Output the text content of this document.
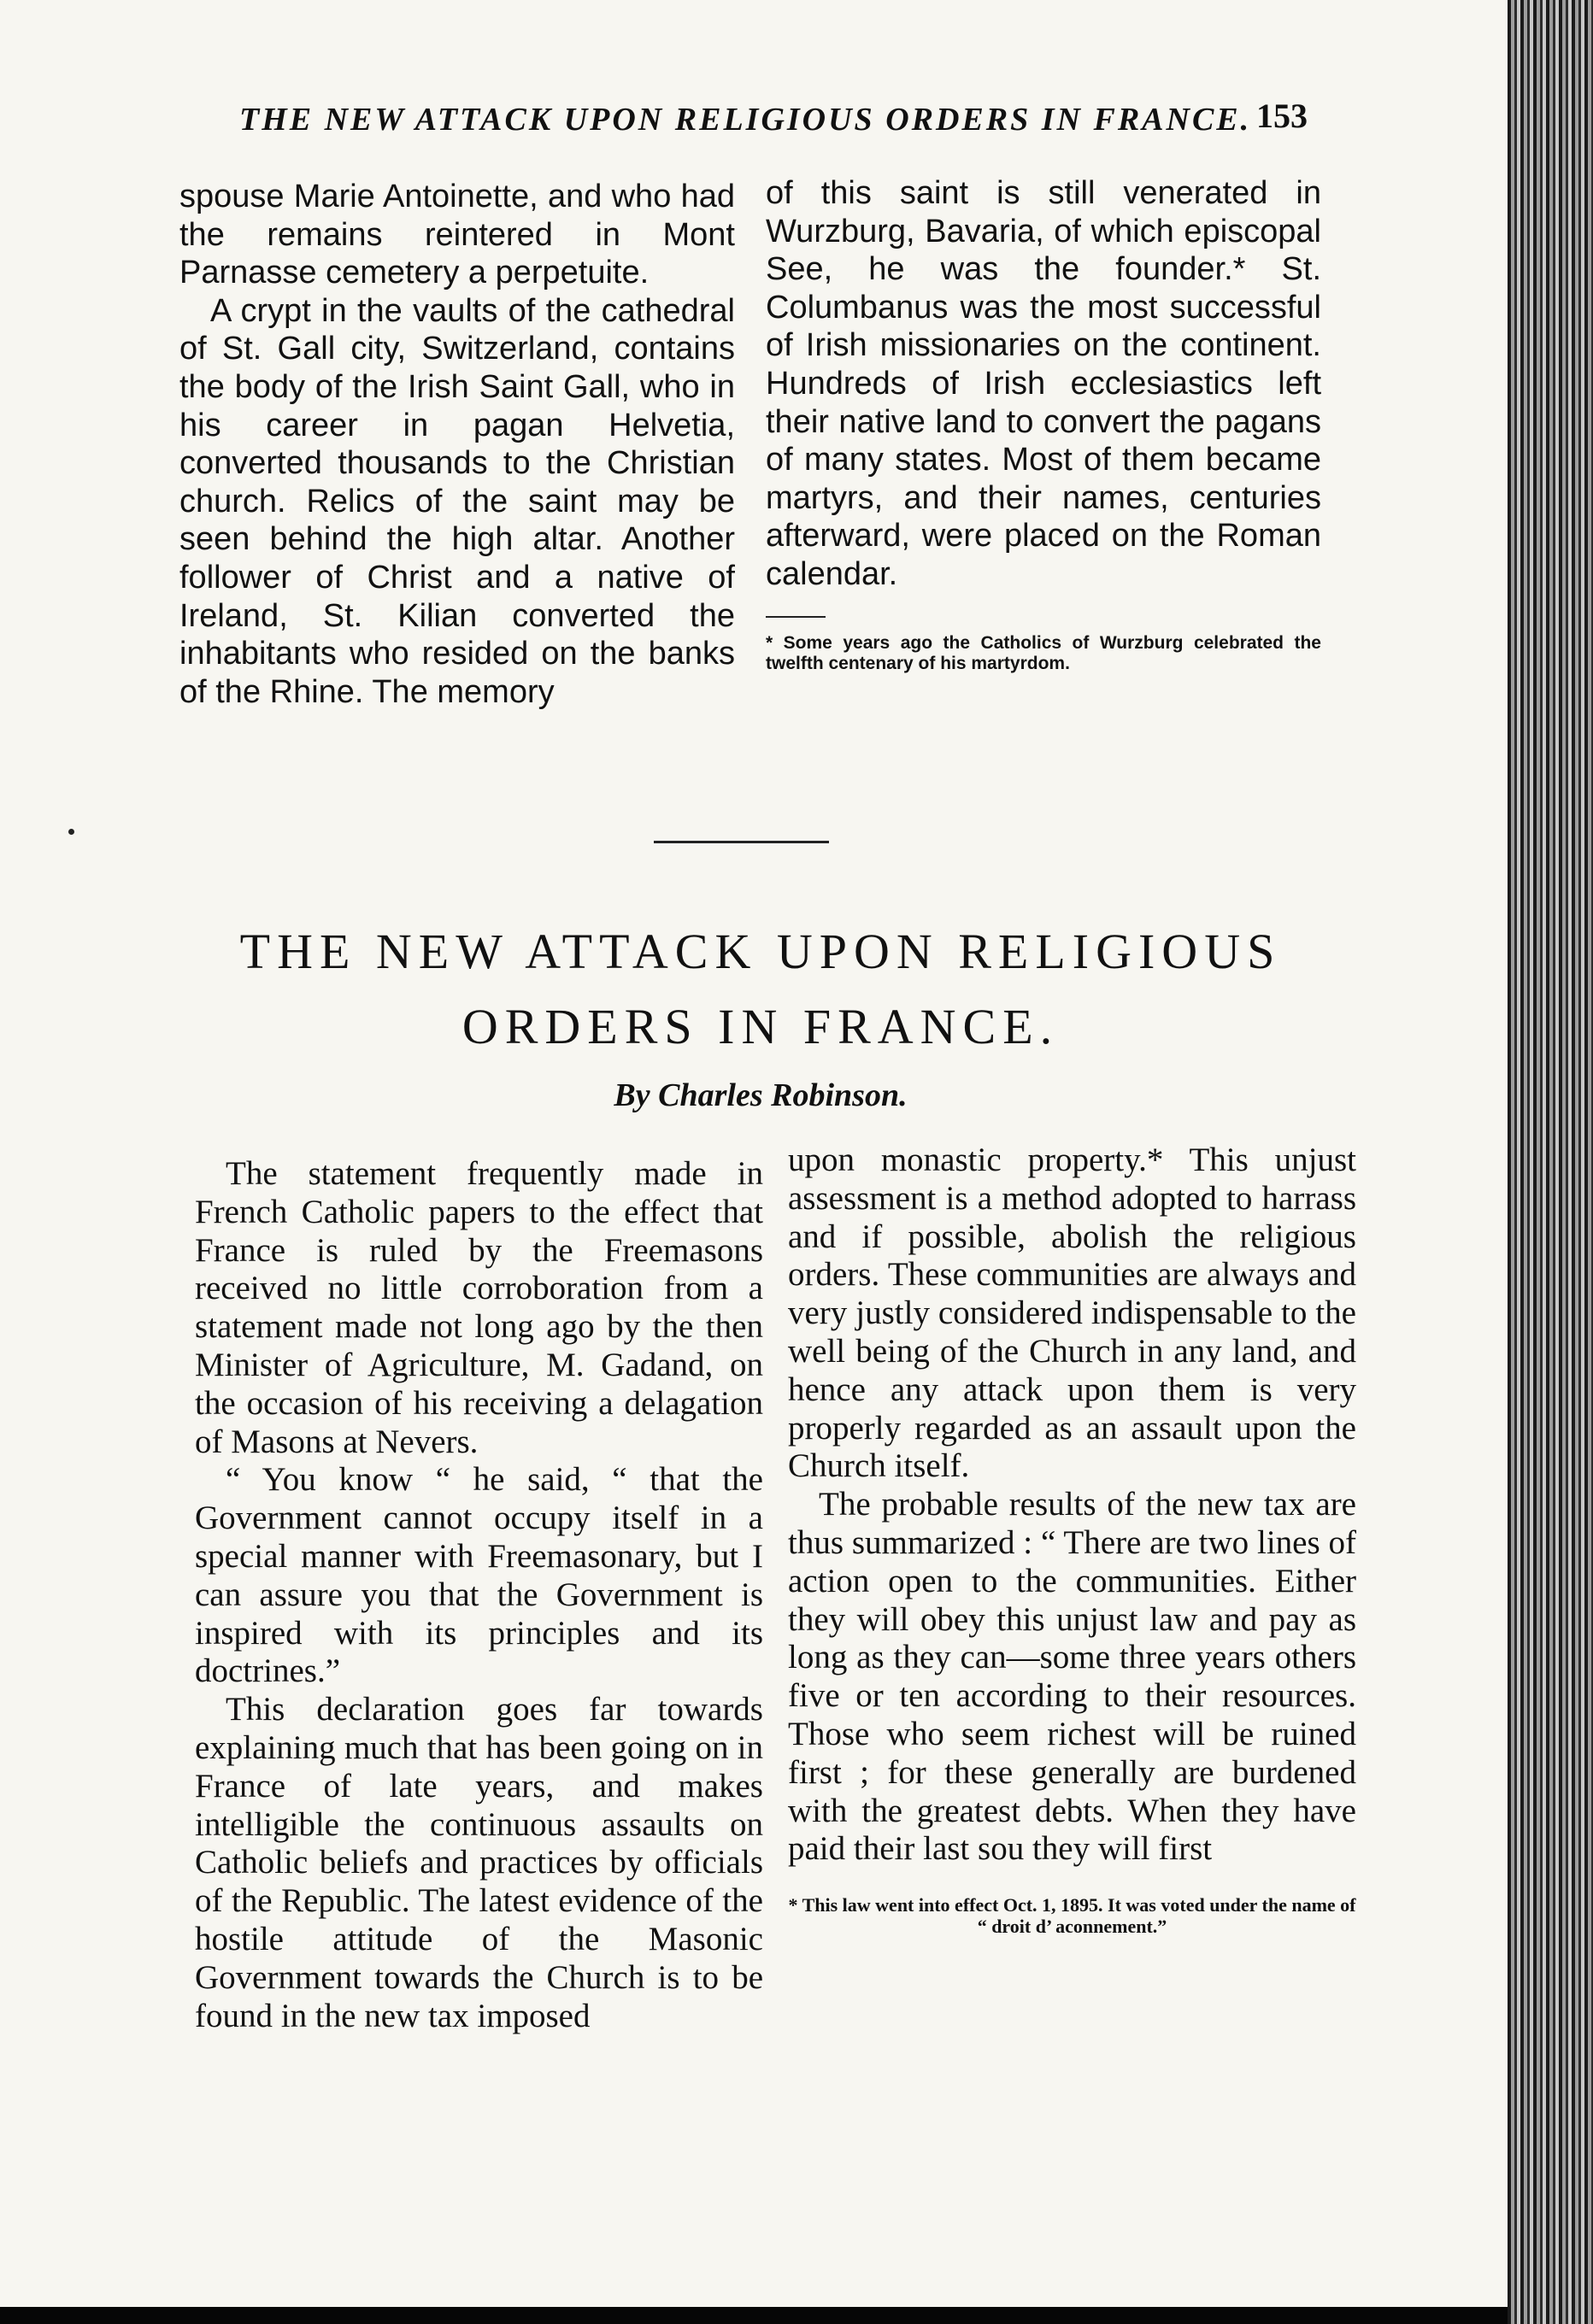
THE NEW ATTACK UPON RELIGIOUS ORDERS IN FRANCE. 153

spouse Marie Antoinette, and who had the remains reintered in Mont Parnasse cemetery a perpetuite.

A crypt in the vaults of the cathedral of St. Gall city, Switzerland, contains the body of the Irish Saint Gall, who in his career in pagan Helvetia, converted thousands to the Christian church. Relics of the saint may be seen behind the high altar. Another follower of Christ and a native of Ireland, St. Kilian converted the inhabitants who resided on the banks of the Rhine. The memory

of this saint is still venerated in Wurzburg, Bavaria, of which episcopal See, he was the founder.* St. Columbanus was the most successful of Irish missionaries on the continent. Hundreds of Irish ecclesiastics left their native land to convert the pagans of many states. Most of them became martyrs, and their names, centuries afterward, were placed on the Roman calendar.

* Some years ago the Catholics of Wurzburg celebrated the twelfth centenary of his martyrdom.
THE NEW ATTACK UPON RELIGIOUS
ORDERS IN FRANCE.
By Charles Robinson.

The statement frequently made in French Catholic papers to the effect that France is ruled by the Freemasons received no little corroboration from a statement made not long ago by the then Minister of Agriculture, M. Gadand, on the occasion of his receiving a delagation of Masons at Nevers.

“ You know “ he said, “ that the Government cannot occupy itself in a special manner with Freemasonary, but I can assure you that the Government is inspired with its principles and its doctrines.”

This declaration goes far towards explaining much that has been going on in France of late years, and makes intelligible the continuous assaults on Catholic beliefs and practices by officials of the Republic. The latest evidence of the hostile attitude of the Masonic Government towards the Church is to be found in the new tax imposed

upon monastic property.* This unjust assessment is a method adopted to harrass and if possible, abolish the religious orders. These communities are always and very justly considered indispensable to the well being of the Church in any land, and hence any attack upon them is very properly regarded as an assault upon the Church itself.

The probable results of the new tax are thus summarized : “ There are two lines of action open to the communities. Either they will obey this unjust law and pay as long as they can—some three years others five or ten according to their resources. Those who seem richest will be ruined first ; for these generally are burdened with the greatest debts. When they have paid their last sou they will first

* This law went into effect Oct. 1, 1895. It was voted under the name of “ droit d’ aconnement.”
